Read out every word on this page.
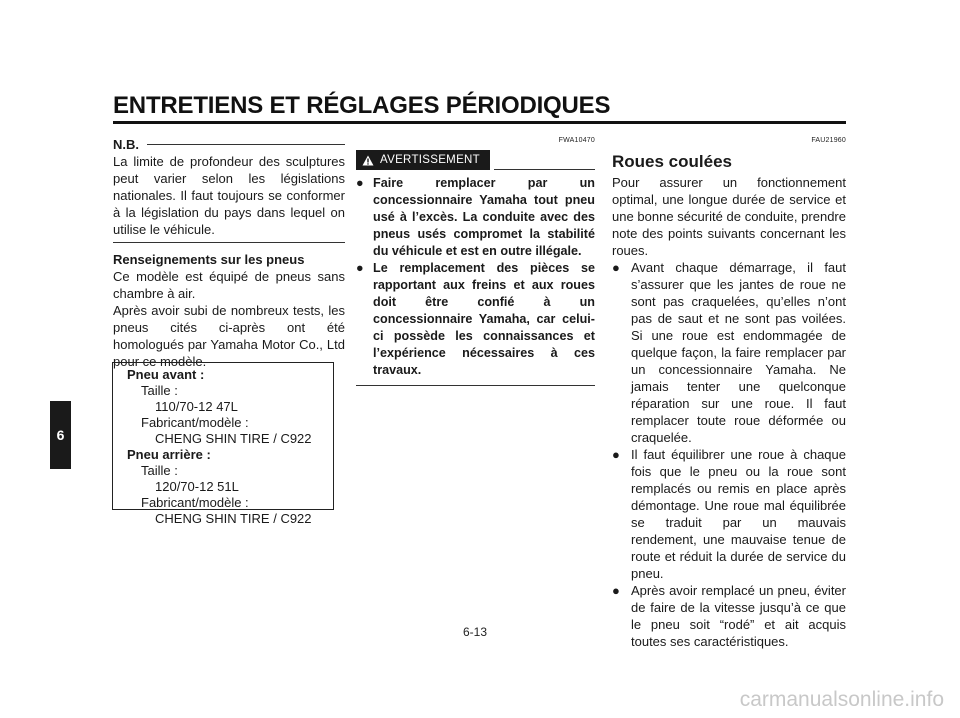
ENTRETIENS ET RÉGLAGES PÉRIODIQUES
6
N.B.

La limite de profondeur des sculptures peut varier selon les législations nationales. Il faut toujours se conformer à la législation du pays dans lequel on utilise le véhicule.

Renseignements sur les pneus

Ce modèle est équipé de pneus sans chambre à air.

Après avoir subi de nombreux tests, les pneus cités ci-après ont été homologués par Yamaha Motor Co., Ltd pour ce modèle.

Pneu avant :
Taille :
110/70-12 47L
Fabricant/modèle :
CHENG SHIN TIRE / C922
Pneu arrière :
Taille :
120/70-12 51L
Fabricant/modèle :
CHENG SHIN TIRE / C922
FWA10470
AVERTISSEMENT
● Faire remplacer par un concessionnaire Yamaha tout pneu usé à l’excès. La conduite avec des pneus usés compromet la stabilité du véhicule et est en outre illégale.
● Le remplacement des pièces se rapportant aux freins et aux roues doit être confié à un concessionnaire Yamaha, car celui-ci possède les connaissances et l’expérience nécessaires à ces travaux.
FAU21960
Roues coulées

Pour assurer un fonctionnement optimal, une longue durée de service et une bonne sécurité de conduite, prendre note des points suivants concernant les roues.

● Avant chaque démarrage, il faut s’assurer que les jantes de roue ne sont pas craquelées, qu’elles n’ont pas de saut et ne sont pas voilées. Si une roue est endommagée de quelque façon, la faire remplacer par un concessionnaire Yamaha. Ne jamais tenter une quelconque réparation sur une roue. Il faut remplacer toute roue déformée ou craquelée.
● Il faut équilibrer une roue à chaque fois que le pneu ou la roue sont remplacés ou remis en place après démontage. Une roue mal équilibrée se traduit par un mauvais rendement, une mauvaise tenue de route et réduit la durée de service du pneu.
● Après avoir remplacé un pneu, éviter de faire de la vitesse jusqu’à ce que le pneu soit “rodé” et ait acquis toutes ses caractéristiques.
6-13
carmanualsonline.info
